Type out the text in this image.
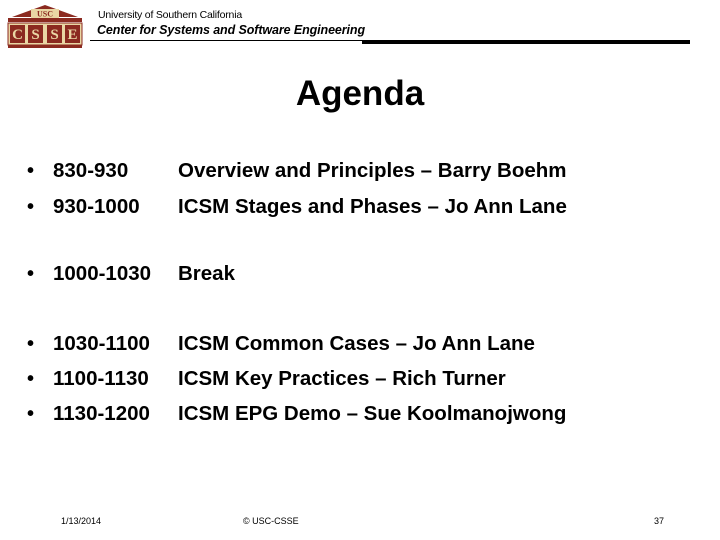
USC
C S S E
University of Southern California
Center for Systems and Software Engineering
Agenda
• 830-930 Overview and Principles – Barry Boehm
• 930-1000 ICSM Stages and Phases – Jo Ann Lane
• 1000-1030 Break
• 1030-1100 ICSM Common Cases – Jo Ann Lane
• 1100-1130 ICSM Key Practices – Rich Turner
• 1130-1200 ICSM EPG Demo – Sue Koolmanojwong
1/13/2014	© USC-CSSE	37
